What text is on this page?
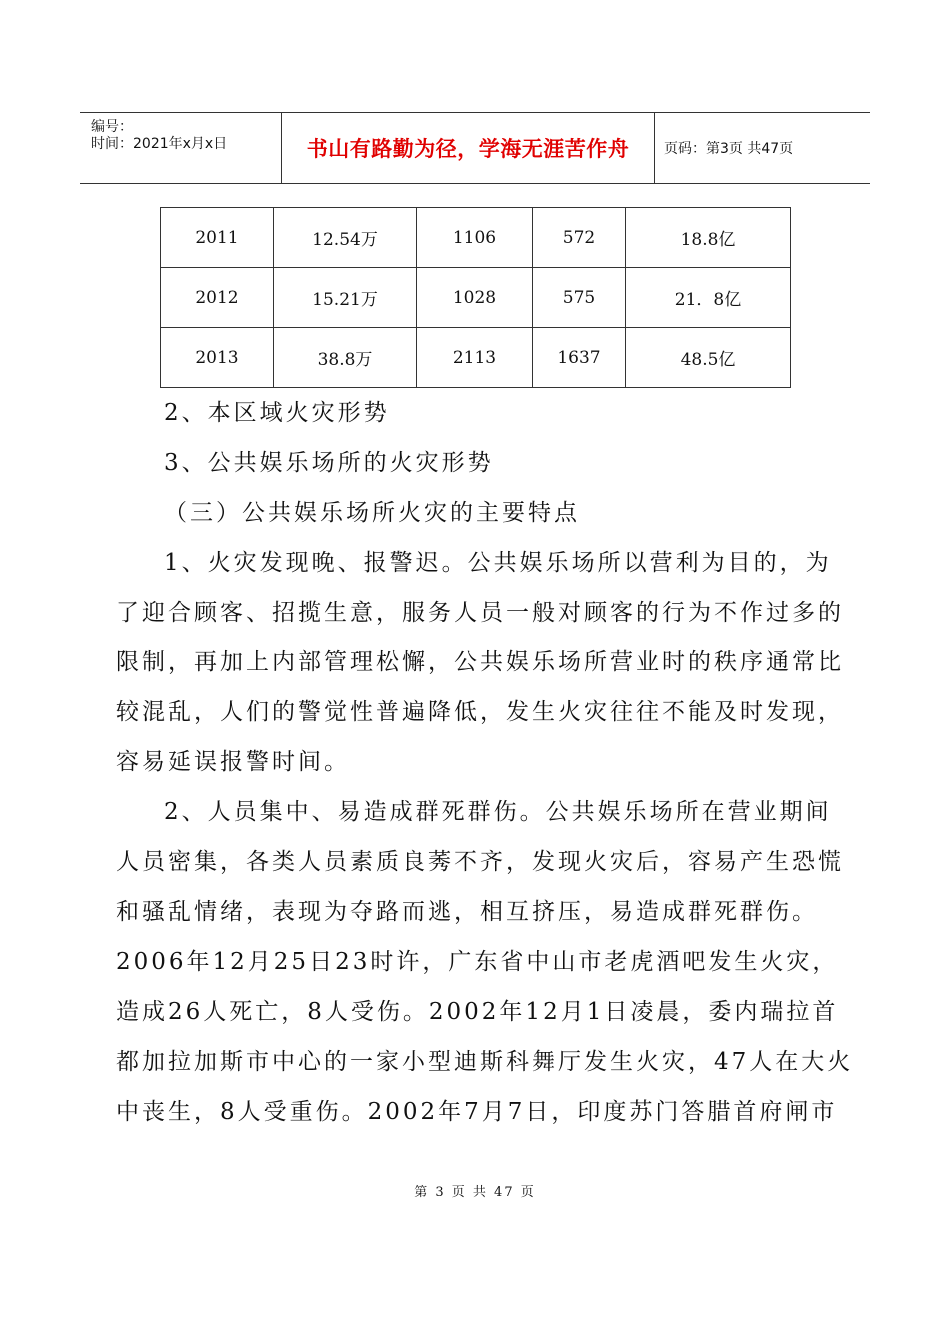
编号：
时间：2021年x月x日	书山有路勤为径，学海无涯苦作舟	页码：第3页 共47页
2011	12.54万	1106	572	18.8亿
2012	15.21万	1028	575	21．8亿
2013	38.8万	2113	1637	48.5亿
2、本区域火灾形势
3、公共娱乐场所的火灾形势
（三）公共娱乐场所火灾的主要特点
1、火灾发现晚、报警迟。公共娱乐场所以营利为目的，为
了迎合顾客、招揽生意，服务人员一般对顾客的行为不作过多的
限制，再加上内部管理松懈，公共娱乐场所营业时的秩序通常比
较混乱，人们的警觉性普遍降低，发生火灾往往不能及时发现，
容易延误报警时间。
2、人员集中、易造成群死群伤。公共娱乐场所在营业期间
人员密集，各类人员素质良莠不齐，发现火灾后，容易产生恐慌
和骚乱情绪，表现为夺路而逃，相互挤压，易造成群死群伤。
2006年12月25日23时许，广东省中山市老虎酒吧发生火灾，
造成26人死亡，8人受伤。2002年12月1日凌晨，委内瑞拉首
都加拉加斯市中心的一家小型迪斯科舞厅发生火灾，47人在大火
中丧生，8人受重伤。2002年7月7日，印度苏门答腊首府闸市
第 3 页 共 47 页
